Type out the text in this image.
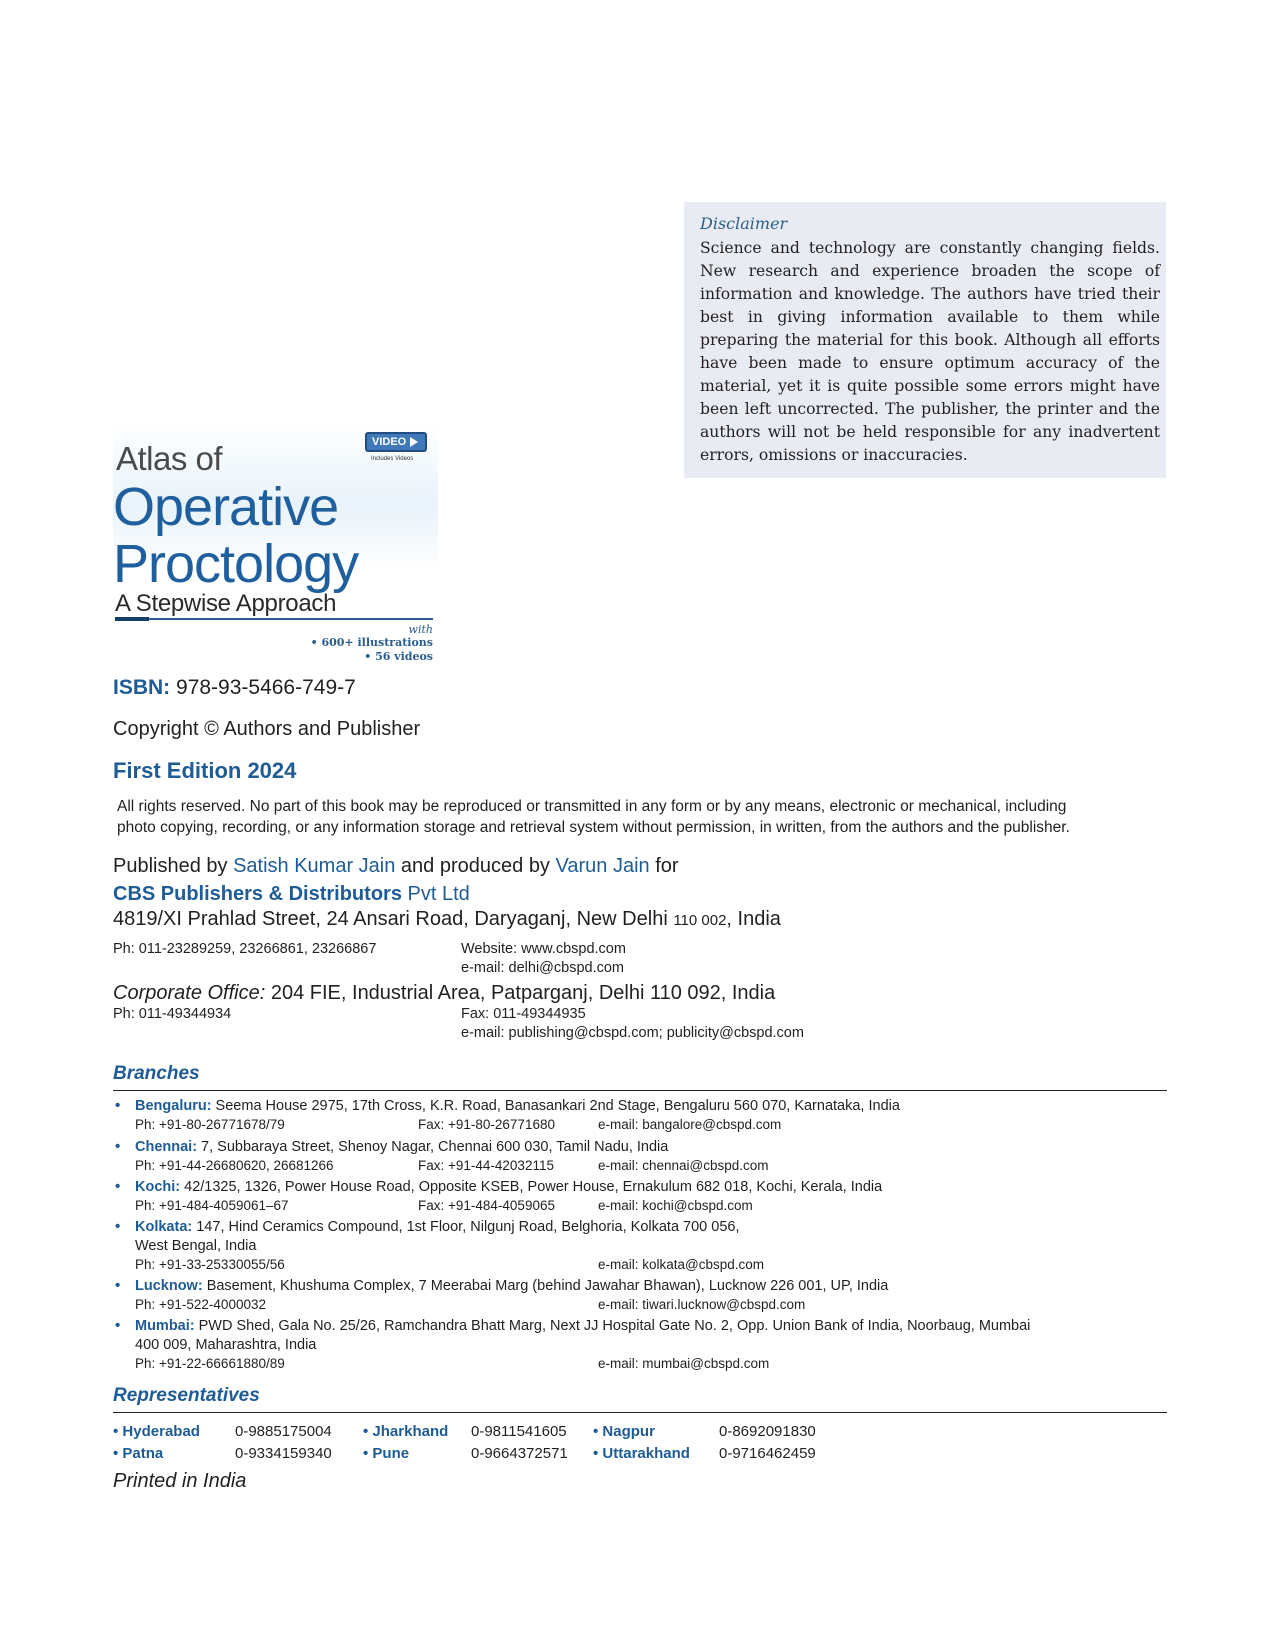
Disclaimer

Science and technology are constantly changing fields. New research and experience broaden the scope of information and knowledge. The authors have tried their best in giving information available to them while preparing the material for this book. Although all efforts have been made to ensure optimum accuracy of the material, yet it is quite possible some errors might have been left uncorrected. The publisher, the printer and the authors will not be held responsible for any inadvertent errors, omissions or inaccuracies.

VIDEO
Includes Videos
Atlas of
Operative
Proctology
A Stepwise Approach
with
• 600+ illustrations
• 56 videos
ISBN: 978-93-5466-749-7
Copyright © Authors and Publisher
First Edition 2024
All rights reserved. No part of this book may be reproduced or transmitted in any form or by any means, electronic or mechanical, including
photo copying, recording, or any information storage and retrieval system without permission, in written, from the authors and the publisher.
Published by Satish Kumar Jain and produced by Varun Jain for
CBS Publishers & Distributors Pvt Ltd
4819/XI Prahlad Street, 24 Ansari Road, Daryaganj, New Delhi 110 002, India
Ph: 011-23289259, 23266861, 23266867	Website: www.cbspd.com
e-mail: delhi@cbspd.com
Corporate Office: 204 FIE, Industrial Area, Patparganj, Delhi 110 092, India
Ph: 011-49344934	Fax: 011-49344935
e-mail: publishing@cbspd.com; publicity@cbspd.com
Branches
• Bengaluru: Seema House 2975, 17th Cross, K.R. Road, Banasankari 2nd Stage, Bengaluru 560 070, Karnataka, India
Ph: +91-80-26771678/79	Fax: +91-80-26771680	e-mail: bangalore@cbspd.com
• Chennai: 7, Subbaraya Street, Shenoy Nagar, Chennai 600 030, Tamil Nadu, India
Ph: +91-44-26680620, 26681266	Fax: +91-44-42032115	e-mail: chennai@cbspd.com
• Kochi: 42/1325, 1326, Power House Road, Opposite KSEB, Power House, Ernakulum 682 018, Kochi, Kerala, India
Ph: +91-484-4059061–67	Fax: +91-484-4059065	e-mail: kochi@cbspd.com
• Kolkata: 147, Hind Ceramics Compound, 1st Floor, Nilgunj Road, Belghoria, Kolkata 700 056,
West Bengal, India
Ph: +91-33-25330055/56	e-mail: kolkata@cbspd.com
• Lucknow: Basement, Khushuma Complex, 7 Meerabai Marg (behind Jawahar Bhawan), Lucknow 226 001, UP, India
Ph: +91-522-4000032	e-mail: tiwari.lucknow@cbspd.com
• Mumbai: PWD Shed, Gala No. 25/26, Ramchandra Bhatt Marg, Next JJ Hospital Gate No. 2, Opp. Union Bank of India, Noorbaug, Mumbai
400 009, Maharashtra, India
Ph: +91-22-66661880/89	e-mail: mumbai@cbspd.com
Representatives
• Hyderabad 0-9885175004 • Jharkhand 0-9811541605 • Nagpur	0-8692091830
• Patna	0-9334159340 • Pune	0-9664372571 • Uttarakhand 0-9716462459
Printed in India
